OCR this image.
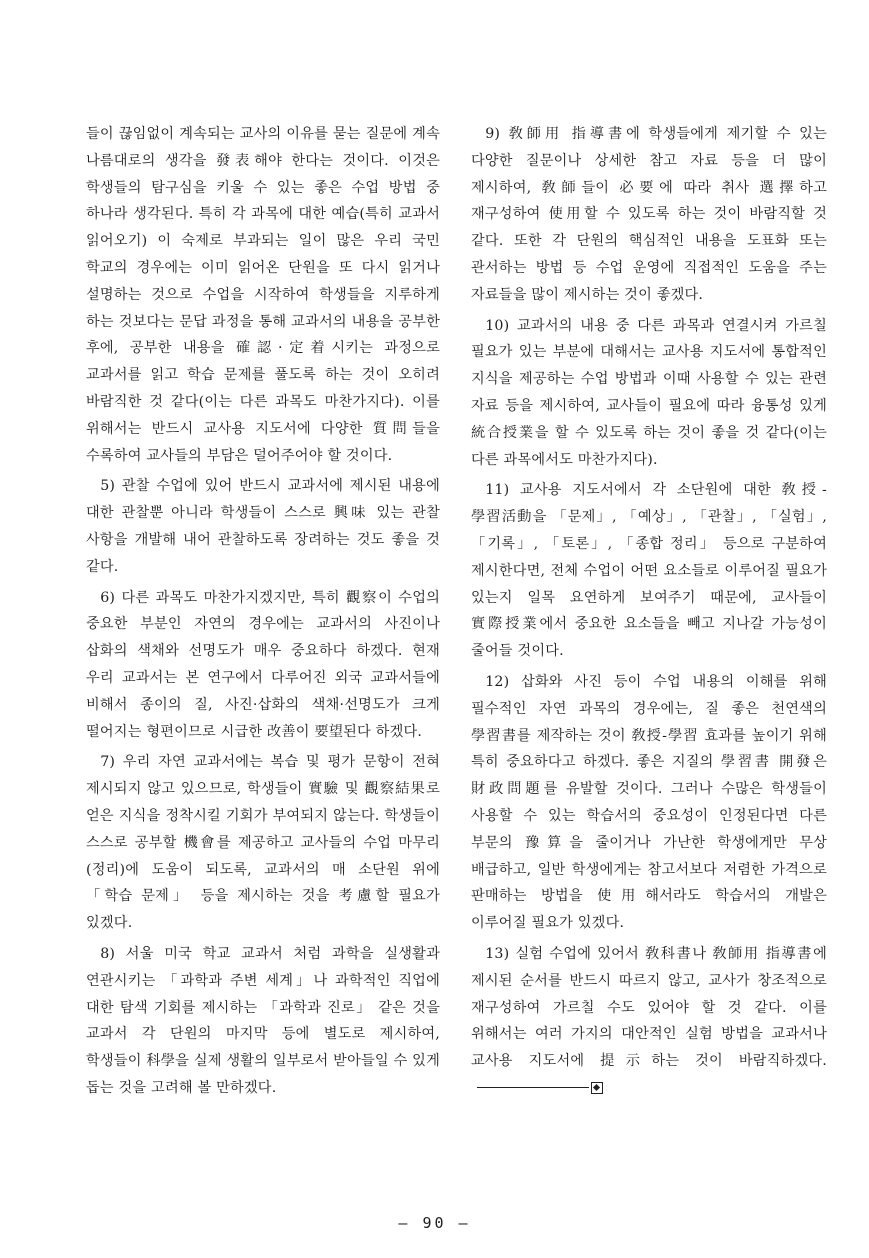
들이 끊임없이 계속되는 교사의 이유를 묻는 질문에 계속 나름대로의 생각을 發表해야 한다는 것이다. 이것은 학생들의 탐구심을 키울 수 있는 좋은 수업 방법 중 하나라 생각된다. 특히 각 과목에 대한 예습(특히 교과서 읽어오기) 이 숙제로 부과되는 일이 많은 우리 국민 학교의 경우에는 이미 읽어온 단원을 또 다시 읽거나 설명하는 것으로 수업을 시작하여 학생들을 지루하게 하는 것보다는 문답 과정을 통해 교과서의 내용을 공부한 후에, 공부한 내용을 確認·定着시키는 과정으로 교과서를 읽고 학습 문제를 풀도록 하는 것이 오히려 바람직한 것 같다(이는 다른 과목도 마찬가지다). 이를 위해서는 반드시 교사용 지도서에 다양한 質問들을 수록하여 교사들의 부담은 덜어주어야 할 것이다.

5) 관찰 수업에 있어 반드시 교과서에 제시된 내용에 대한 관찰뿐 아니라 학생들이 스스로 興味 있는 관찰 사항을 개발해 내어 관찰하도록 장려하는 것도 좋을 것 같다.

6) 다른 과목도 마찬가지겠지만, 특히 觀察이 수업의 중요한 부분인 자연의 경우에는 교과서의 사진이나 삽화의 색채와 선명도가 매우 중요하다 하겠다. 현재 우리 교과서는 본 연구에서 다루어진 외국 교과서들에 비해서 종이의 질, 사진·삽화의 색채·선명도가 크게 떨어지는 형편이므로 시급한 改善이 要望된다 하겠다.

7) 우리 자연 교과서에는 복습 및 평가 문항이 전혀 제시되지 않고 있으므로, 학생들이 實驗 및 觀察結果로 얻은 지식을 정착시킬 기회가 부여되지 않는다. 학생들이 스스로 공부할 機會를 제공하고 교사들의 수업 마무리(정리)에 도움이 되도록, 교과서의 매 소단원 위에 「학습 문제」 등을 제시하는 것을 考慮할 필요가 있겠다.

8) 서울 미국 학교 교과서 처럼 과학을 실생활과 연관시키는 「과학과 주변 세계」나 과학적인 직업에 대한 탐색 기회를 제시하는 「과학과 진로」 같은 것을 교과서 각 단원의 마지막 등에 별도로 제시하여, 학생들이 科學을 실제 생활의 일부로서 받아들일 수 있게 돕는 것을 고려해 볼 만하겠다.

9) 敎師用 指導書에 학생들에게 제기할 수 있는 다양한 질문이나 상세한 참고 자료 등을 더 많이 제시하여, 敎師들이 必要에 따라 취사 選擇하고 재구성하여 使用할 수 있도록 하는 것이 바람직할 것 같다. 또한 각 단원의 핵심적인 내용을 도표화 또는 관서하는 방법 등 수업 운영에 직접적인 도움을 주는 자료들을 많이 제시하는 것이 좋겠다.

10) 교과서의 내용 중 다른 과목과 연결시켜 가르칠 필요가 있는 부분에 대해서는 교사용 지도서에 통합적인 지식을 제공하는 수업 방법과 이때 사용할 수 있는 관련 자료 등을 제시하여, 교사들이 필요에 따라 융통성 있게 統合授業을 할 수 있도록 하는 것이 좋을 것 같다(이는 다른 과목에서도 마찬가지다).

11) 교사용 지도서에서 각 소단원에 대한 敎授-學習活動을 「문제」, 「예상」, 「관찰」, 「실험」, 「기록」, 「토론」, 「종합 정리」 등으로 구분하여 제시한다면, 전체 수업이 어떤 요소들로 이루어질 필요가 있는지 일목 요연하게 보여주기 때문에, 교사들이 實際授業에서 중요한 요소들을 빼고 지나갈 가능성이 줄어들 것이다.

12) 삽화와 사진 등이 수업 내용의 이해를 위해 필수적인 자연 과목의 경우에는, 질 좋은 천연색의 學習書를 제작하는 것이 敎授-學習 효과를 높이기 위해 특히 중요하다고 하겠다. 좋은 지질의 學習書 開發은 財政問題를 유발할 것이다. 그러나 수많은 학생들이 사용할 수 있는 학습서의 중요성이 인정된다면 다른 부문의 豫算을 줄이거나 가난한 학생에게만 무상 배급하고, 일반 학생에게는 참고서보다 저렴한 가격으로 판매하는 방법을 使用해서라도 학습서의 개발은 이루어질 필요가 있겠다.

13) 실험 수업에 있어서 敎科書나 敎師用 指導書에 제시된 순서를 반드시 따르지 않고, 교사가 창조적으로 재구성하여 가르칠 수도 있어야 할 것 같다. 이를 위해서는 여러 가지의 대안적인 실험 방법을 교과서나 교사용 지도서에 提示하는 것이 바람직하겠다.

— 90 —
